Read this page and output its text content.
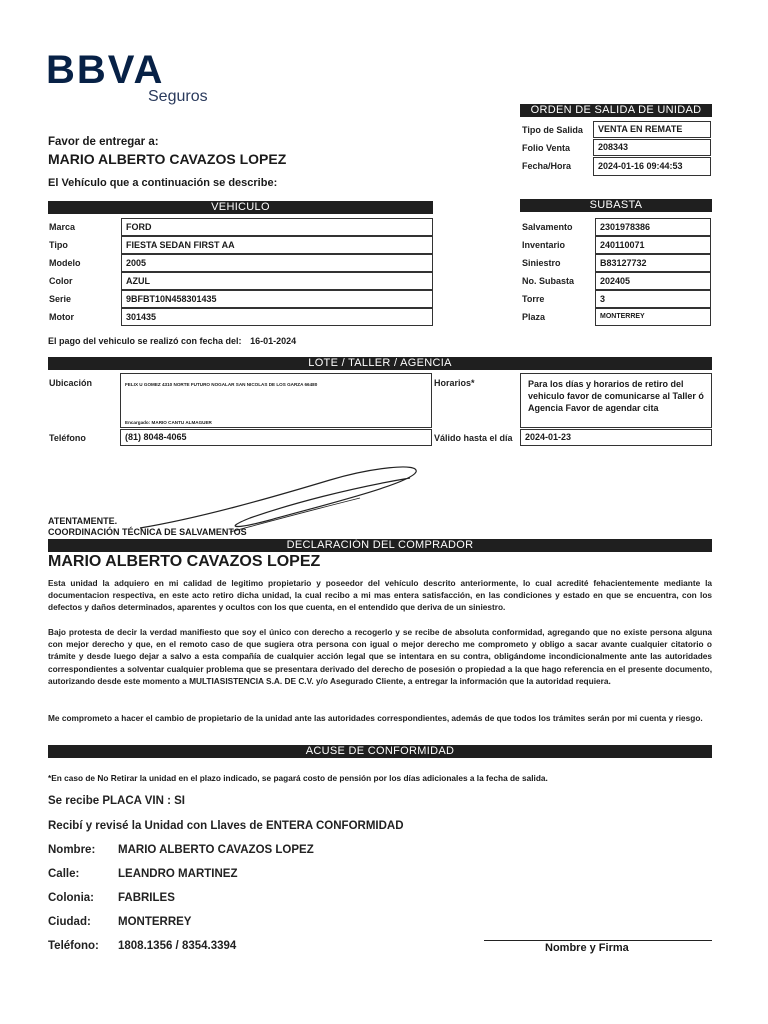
BBVA
Seguros
ORDEN DE SALIDA DE UNIDAD
Tipo de Salida	VENTA EN REMATE
Folio Venta	208343
Fecha/Hora	2024-01-16 09:44:53
Favor de entregar a:
MARIO ALBERTO CAVAZOS LOPEZ
El Vehículo que a continuación se describe:
VEHICULO
Marca	FORD
Tipo	FIESTA SEDAN FIRST AA
Modelo	2005
Color	AZUL
Serie	9BFBT10N458301435
Motor	301435
SUBASTA
Salvamento	2301978386
Inventario	240110071
Siniestro	B83127732
No. Subasta	202405
Torre	3
Plaza	MONTERREY
El pago del vehiculo se realizó con fecha del: 16-01-2024
LOTE / TALLER / AGENCIA
Ubicación	FELIX U GOMEZ 4310 NORTE FUTURO NOGALAR SAN NICOLAS DE LOS GARZA 66480
Encargado: MARIO CANTU ALMAGUER
Horarios*	Para los días y horarios de retiro del vehiculo favor de comunicarse al Taller ó Agencia Favor de agendar cita
Teléfono	(81) 8048-4065	Válido hasta el día	2024-01-23
ATENTAMENTE.
COORDINACIÓN TÉCNICA DE SALVAMENTOS
DECLARACIÓN DEL COMPRADOR
MARIO ALBERTO CAVAZOS LOPEZ
Esta unidad la adquiero en mi calidad de legitimo propietario y poseedor del vehículo descrito anteriormente, lo cual acredité fehacientemente mediante la documentacion respectiva, en este acto retiro dicha unidad, la cual recibo a mi mas entera satisfacción, en las condiciones y estado en que se encuentra, con los defectos y daños determinados, aparentes y ocultos con los que cuenta, en el entendido que deriva de un siniestro.
Bajo protesta de decir la verdad manifiesto que soy el único con derecho a recogerlo y se recibe de absoluta conformidad, agregando que no existe persona alguna con mejor derecho y que, en el remoto caso de que sugiera otra persona con igual o mejor derecho me comprometo y obligo a sacar avante cualquier citatorio o trámite y desde luego dejar a salvo a esta compañía de cualquier acción legal que se intentara en su contra, obligándome incondicionalmente ante las autoridades correspondientes a solventar cualquier problema que se presentara derivado del derecho de posesión o propiedad a la que hago referencia en el presente documento, autorizando desde este momento a MULTIASISTENCIA S.A. DE C.V. y/o Asegurado Cliente, a entregar la información que la autoridad requiera.
Me comprometo a hacer el cambio de propietario de la unidad ante las autoridades correspondientes, además de que todos los trámites serán por mi cuenta y riesgo.
ACUSE DE CONFORMIDAD
*En caso de No Retirar la unidad en el plazo indicado, se pagará costo de pensión por los días adicionales a la fecha de salida.
Se recibe PLACA VIN : SI
Recibí y revisé la Unidad con Llaves de ENTERA CONFORMIDAD
Nombre: MARIO ALBERTO CAVAZOS LOPEZ
Calle:	LEANDRO MARTINEZ
Colonia: FABRILES
Ciudad: MONTERREY
Teléfono: 1808.1356 / 8354.3394	Nombre y Firma
